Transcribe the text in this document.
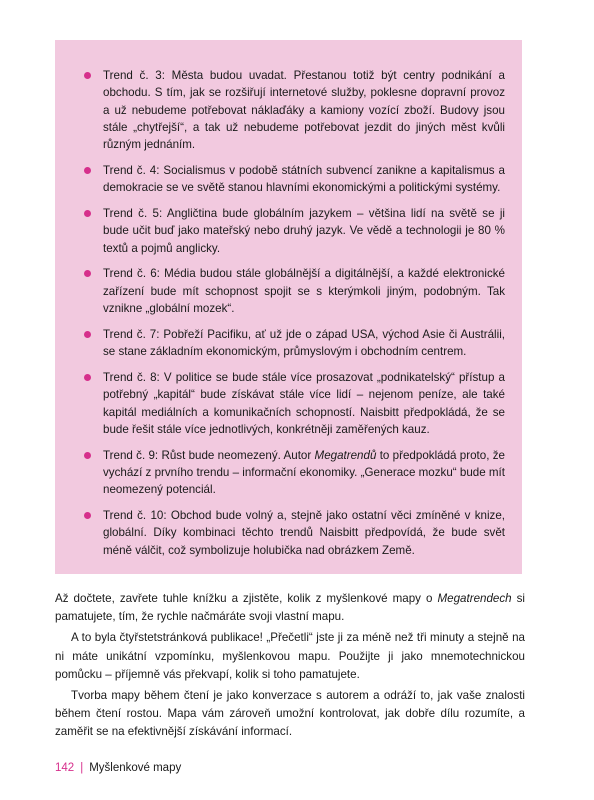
Trend č. 3: Města budou uvadat. Přestanou totiž být centry podnikání a obchodu. S tím, jak se rozšiřují internetové služby, poklesne dopravní provoz a už nebudeme potřebovat náklaďáky a kamiony vozící zboží. Budovy jsou stále „chytřejší“, a tak už nebudeme potřebovat jezdit do jiných měst kvůli různým jednáním.
Trend č. 4: Socialismus v podobě státních subvencí zanikne a kapitalismus a demokracie se ve světě stanou hlavními ekonomickými a politickými systémy.
Trend č. 5: Angličtina bude globálním jazykem – většina lidí na světě se ji bude učit buď jako mateřský nebo druhý jazyk. Ve vědě a technologii je 80 % textů a pojmů anglicky.
Trend č. 6: Média budou stále globálnější a digitálnější, a každé elektronické zařízení bude mít schopnost spojit se s kterýmkoli jiným, podobným. Tak vznikne „globální mozek“.
Trend č. 7: Pobřeží Pacifiku, ať už jde o západ USA, východ Asie či Austrálii, se stane základním ekonomickým, průmyslovým i obchodním centrem.
Trend č. 8: V politice se bude stále více prosazovat „podnikatelský“ přístup a potřebný „kapitál“ bude získávat stále více lidí – nejenom peníze, ale také kapitál mediálních a komunikačních schopností. Naisbitt předpokládá, že se bude řešit stále více jednotlivých, konkrétněji zaměřených kauz.
Trend č. 9: Růst bude neomezený. Autor Megatrendů to předpokládá proto, že vychází z prvního trendu – informační ekonomiky. „Generace mozku“ bude mít neomezený potenciál.
Trend č. 10: Obchod bude volný a, stejně jako ostatní věci zmíněné v knize, globální. Díky kombinaci těchto trendů Naisbitt předpovídá, že bude svět méně válčit, což symbolizuje holubička nad obrázkem Země.

Až dočtete, zavřete tuhle knížku a zjistěte, kolik z myšlenkové mapy o Megatrendech si pamatujete, tím, že rychle načmáráte svoji vlastní mapu.

A to byla čtyřstetstránková publikace! „Přečetli“ jste ji za méně než tři minuty a stejně na ni máte unikátní vzpomínku, myšlenkovou mapu. Použijte ji jako mnemotechnickou pomůcku – příjemně vás překvapí, kolik si toho pamatujete.

Tvorba mapy během čtení je jako konverzace s autorem a odráží to, jak vaše znalosti během čtení rostou. Mapa vám zároveň umožní kontrolovat, jak dobře dílu rozumíte, a zaměřit se na efektivnější získávání informací.

142 | Myšlenkové mapy
